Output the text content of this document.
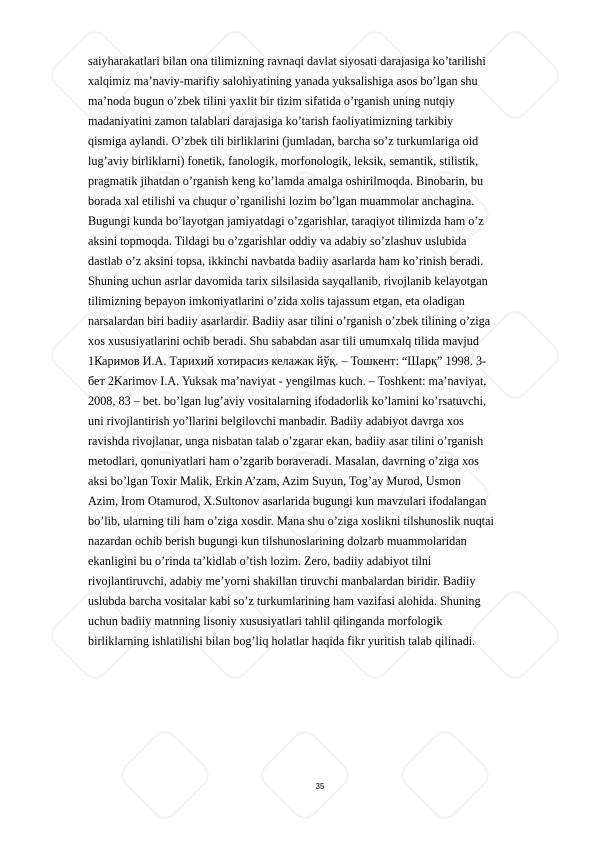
saiyharakatlari bilan ona tilimizning ravnaqi davlat siyosati darajasiga ko’tarilishi
xalqimiz ma’naviy-marifiy salohiyatining yanada yuksalishiga asos bo’lgan shu
ma’noda bugun o’zbek tilini yaxlit bir tizim sifatida o’rganish uning nutqiy
madaniyatini zamon talablari darajasiga ko’tarish faoliyatimizning tarkibiy
qismiga aylandi. O’zbek tili birliklarini (jumladan, barcha so’z turkumlariga oid
lug’aviy birliklarni) fonetik, fanologik, morfonologik, leksik, semantik, stilistik,
pragmatik jihatdan o’rganish keng ko’lamda amalga oshirilmoqda. Binobarin, bu
borada xal etilishi va chuqur o’rganilishi lozim bo’lgan muammolar anchagina.
Bugungi kunda bo’layotgan jamiyatdagi o’zgarishlar, taraqiyot tilimizda ham o’z
aksini topmoqda. Tildagi bu o’zgarishlar oddiy va adabiy so’zlashuv uslubida
dastlab o’z aksini topsa, ikkinchi navbatda badiiy asarlarda ham ko’rinish beradi.
Shuning uchun asrlar davomida tarix silsilasida sayqallanib, rivojlanib kelayotgan
tilimizning bepayon imkoniyatlarini o’zida xolis tajassum etgan, eta oladigan
narsalardan biri badiiy asarlardir. Badiiy asar tilini o’rganish o’zbek tilining o’ziga
xos xususiyatlarini ochib beradi. Shu sababdan asar tili umumxalq tilida mavjud
1Каримов И.А. Тарихий хотирасиз келажак йўқ. – Тошкент: “Шарқ” 1998. 3-
бет 2Karimov I.A. Yuksak ma’naviyat - yengilmas kuch. – Toshkent: ma’naviyat,
2008, 83 – bet. bo’lgan lug’aviy vositalarning ifodadorlik ko’lamini ko’rsatuvchi,
uni rivojlantirish yo’llarini belgilovchi manbadir. Badiiy adabiyot davrga xos
ravishda rivojlanar, unga nisbatan talab o’zgarar ekan, badiiy asar tilini o’rganish
metodlari, qonuniyatlari ham o’zgarib boraveradi. Masalan, davrning o’ziga xos
aksi bo’lgan Toxir Malik, Erkin A’zam, Azim Suyun, Tog’ay Murod, Usmon
Azim, Irom Otamurod, X.Sultonov asarlarida bugungi kun mavzulari ifodalangan
bo’lib, ularning tili ham o’ziga xosdir. Mana shu o’ziga xoslikni tilshunoslik nuqtai
nazardan ochib berish bugungi kun tilshunoslarining dolzarb muammolaridan
ekanligini bu o’rinda ta’kidlab o’tish lozim. Zero, badiiy adabiyot tilni
rivojlantiruvchi, adabiy me’yorni shakillan tiruvchi manbalardan biridir. Badiiy
uslubda barcha vositalar kabi so’z turkumlarining ham vazifasi alohida. Shuning
uchun badiiy matnning lisoniy xususiyatlari tahlil qilinganda morfologik
birliklarning ishlatilishi bilan bog’liq holatlar haqida fikr yuritish talab qilinadi.
35
